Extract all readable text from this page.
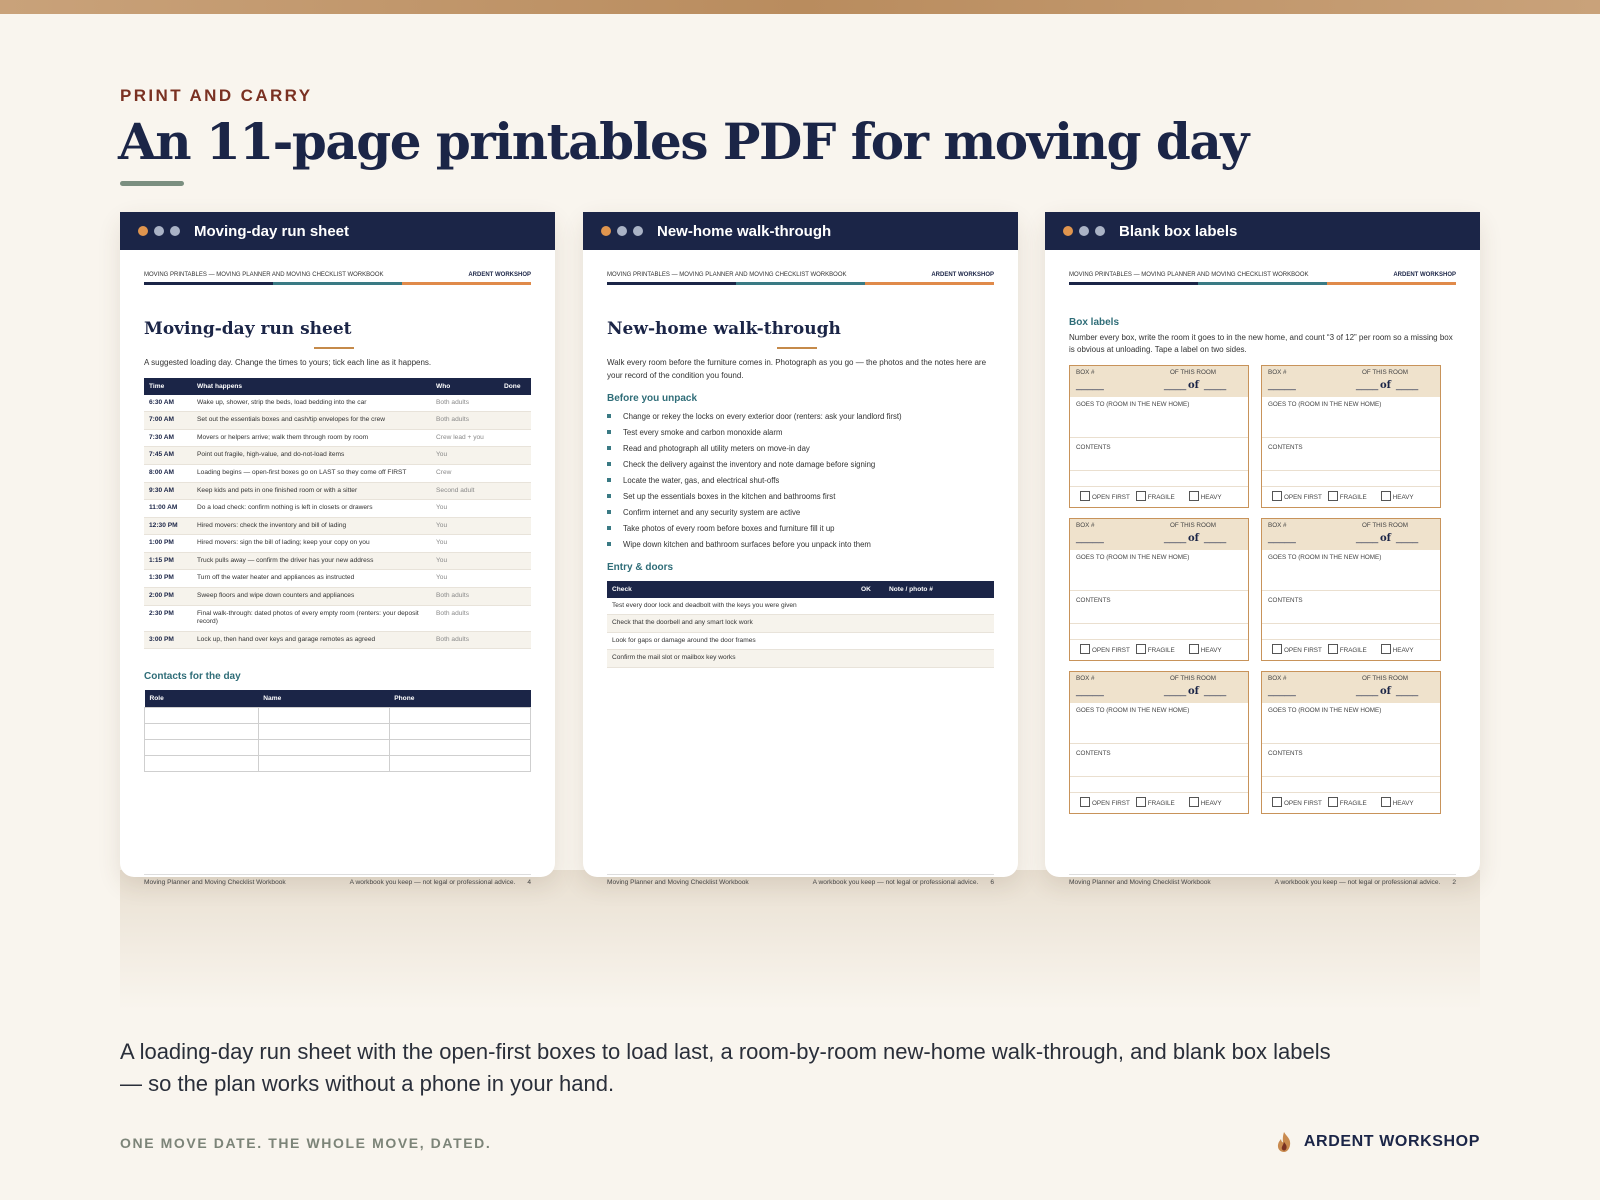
PRINT AND CARRY
An 11-page printables PDF for moving day
Moving-day run sheet
MOVING PRINTABLES — MOVING PLANNER AND MOVING CHECKLIST WORKBOOK	ARDENT WORKSHOP
Moving-day run sheet
A suggested loading day. Change the times to yours; tick each line as it happens.
Time	What happens	Who	Done
6:30 AM	Wake up, shower, strip the beds, load bedding into the car	Both adults	
7:00 AM	Set out the essentials boxes and cash/tip envelopes for the crew	Both adults	
7:30 AM	Movers or helpers arrive; walk them through room by room	Crew lead + you	
7:45 AM	Point out fragile, high-value, and do-not-load items	You	
8:00 AM	Loading begins — open-first boxes go on LAST so they come off FIRST	Crew	
9:30 AM	Keep kids and pets in one finished room or with a sitter	Second adult	
11:00 AM	Do a load check: confirm nothing is left in closets or drawers	You	
12:30 PM	Hired movers: check the inventory and bill of lading	You	
1:00 PM	Hired movers: sign the bill of lading; keep your copy on you	You	
1:15 PM	Truck pulls away — confirm the driver has your new address	You	
1:30 PM	Turn off the water heater and appliances as instructed	You	
2:00 PM	Sweep floors and wipe down counters and appliances	Both adults	
2:30 PM	Final walk-through: dated photos of every empty room (renters: your deposit record)	Both adults	
3:00 PM	Lock up, then hand over keys and garage remotes as agreed	Both adults	
Contacts for the day
Role	Name	Phone

Moving Planner and Moving Checklist Workbook	A workbook you keep — not legal or professional advice. 4
New-home walk-through
MOVING PRINTABLES — MOVING PLANNER AND MOVING CHECKLIST WORKBOOK	ARDENT WORKSHOP
New-home walk-through
Walk every room before the furniture comes in. Photograph as you go — the photos and the notes here are your record of the condition you found.
Before you unpack
Change or rekey the locks on every exterior door (renters: ask your landlord first)
Test every smoke and carbon monoxide alarm
Read and photograph all utility meters on move-in day
Check the delivery against the inventory and note damage before signing
Locate the water, gas, and electrical shut-offs
Set up the essentials boxes in the kitchen and bathrooms first
Confirm internet and any security system are active
Take photos of every room before boxes and furniture fill it up
Wipe down kitchen and bathroom surfaces before you unpack into them
Entry & doors
Check	OK	Note / photo #
Test every door lock and deadbolt with the keys you were given		
Check that the doorbell and any smart lock work		
Look for gaps or damage around the door frames		
Confirm the mail slot or mailbox key works		
Moving Planner and Moving Checklist Workbook	A workbook you keep — not legal or professional advice. 6
Blank box labels
MOVING PRINTABLES — MOVING PLANNER AND MOVING CHECKLIST WORKBOOK	ARDENT WORKSHOP
Box labels
Number every box, write the room it goes to in the new home, and count “3 of 12” per room so a missing box is obvious at unloading. Tape a label on two sides.
BOX #	OF THIS ROOM
_____	____ of ____
GOES TO (ROOM IN THE NEW HOME)
CONTENTS
OPEN FIRST	FRAGILE	HEAVY
BOX #	OF THIS ROOM
_____	____ of ____
GOES TO (ROOM IN THE NEW HOME)
CONTENTS
OPEN FIRST	FRAGILE	HEAVY
BOX #	OF THIS ROOM
_____	____ of ____
GOES TO (ROOM IN THE NEW HOME)
CONTENTS
OPEN FIRST	FRAGILE	HEAVY
BOX #	OF THIS ROOM
_____	____ of ____
GOES TO (ROOM IN THE NEW HOME)
CONTENTS
OPEN FIRST	FRAGILE	HEAVY
BOX #	OF THIS ROOM
_____	____ of ____
GOES TO (ROOM IN THE NEW HOME)
CONTENTS
OPEN FIRST	FRAGILE	HEAVY
BOX #	OF THIS ROOM
_____	____ of ____
GOES TO (ROOM IN THE NEW HOME)
CONTENTS
OPEN FIRST	FRAGILE	HEAVY
Moving Planner and Moving Checklist Workbook	A workbook you keep — not legal or professional advice. 2

A loading-day run sheet with the open-first boxes to load last, a room-by-room new-home walk-through, and blank box labels — so the plan works without a phone in your hand.

ONE MOVE DATE. THE WHOLE MOVE, DATED.	ARDENT WORKSHOP
